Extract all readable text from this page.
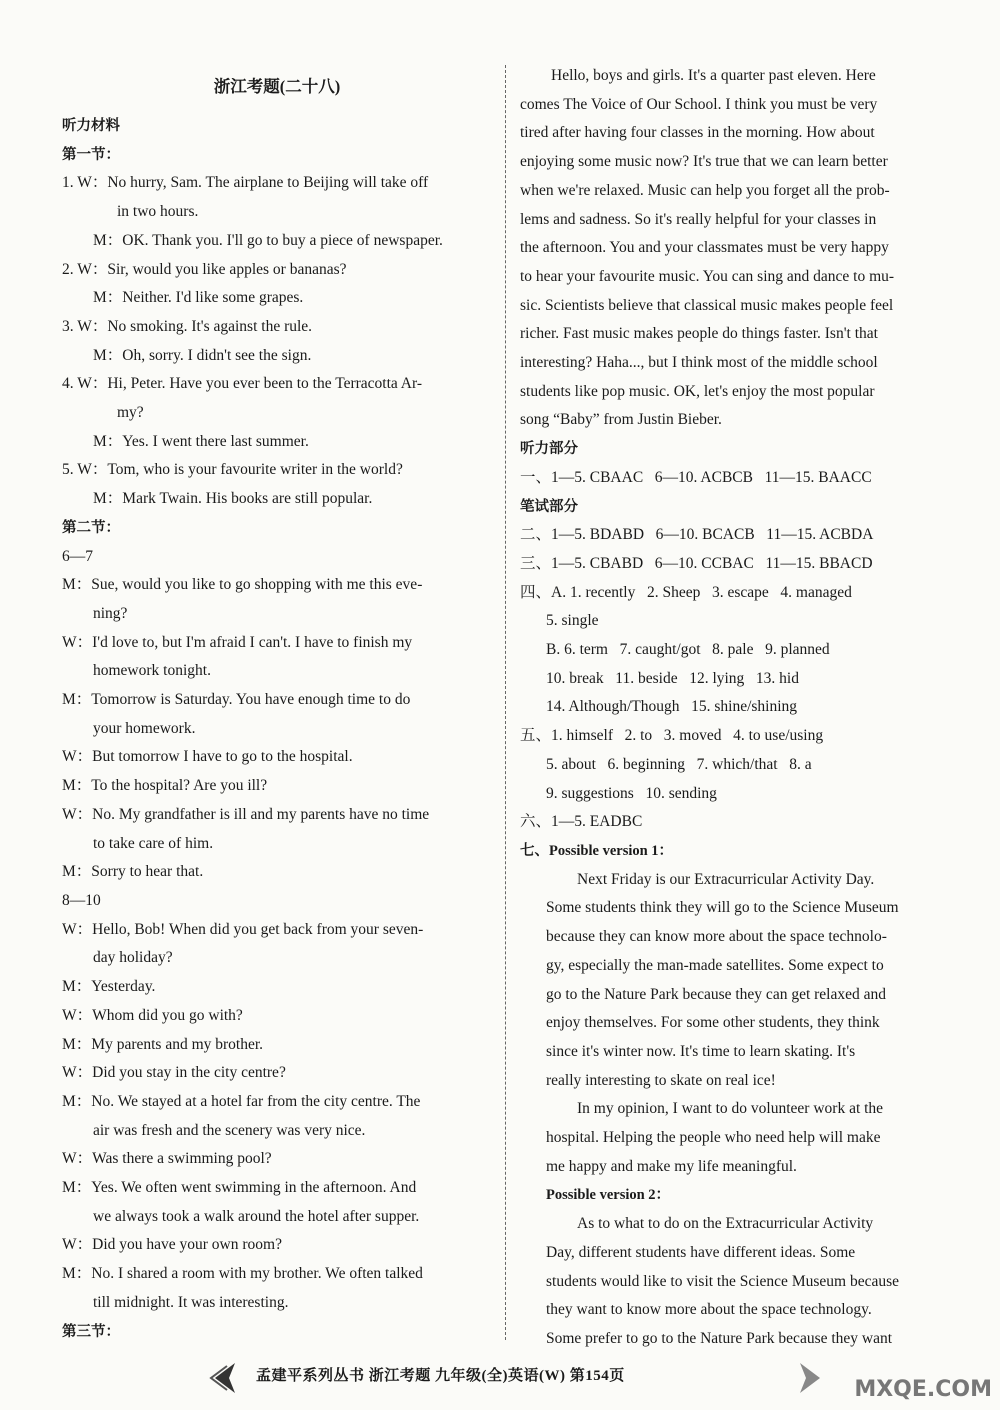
浙江考题(二十八)
听力材料
第一节：
1. W：No hurry, Sam. The airplane to Beijing will take off
in two hours.
M：OK. Thank you. I'll go to buy a piece of newspaper.
2. W：Sir, would you like apples or bananas?
M：Neither. I'd like some grapes.
3. W：No smoking. It's against the rule.
M：Oh, sorry. I didn't see the sign.
4. W：Hi, Peter. Have you ever been to the Terracotta Ar-
my?
M：Yes. I went there last summer.
5. W：Tom, who is your favourite writer in the world?
M：Mark Twain. His books are still popular.
第二节：
6—7
M：Sue, would you like to go shopping with me this eve-
ning?
W：I'd love to, but I'm afraid I can't. I have to finish my
homework tonight.
M：Tomorrow is Saturday. You have enough time to do
your homework.
W：But tomorrow I have to go to the hospital.
M：To the hospital? Are you ill?
W：No. My grandfather is ill and my parents have no time
to take care of him.
M：Sorry to hear that.
8—10
W：Hello, Bob! When did you get back from your seven-
day holiday?
M：Yesterday.
W：Whom did you go with?
M：My parents and my brother.
W：Did you stay in the city centre?
M：No. We stayed at a hotel far from the city centre. The
air was fresh and the scenery was very nice.
W：Was there a swimming pool?
M：Yes. We often went swimming in the afternoon. And
we always took a walk around the hotel after supper.
W：Did you have your own room?
M：No. I shared a room with my brother. We often talked
till midnight. It was interesting.
第三节：
Hello, boys and girls. It's a quarter past eleven. Here
comes The Voice of Our School. I think you must be very
tired after having four classes in the morning. How about
enjoying some music now? It's true that we can learn better
when we're relaxed. Music can help you forget all the prob-
lems and sadness. So it's really helpful for your classes in
the afternoon. You and your classmates must be very happy
to hear your favourite music. You can sing and dance to mu-
sic. Scientists believe that classical music makes people feel
richer. Fast music makes people do things faster. Isn't that
interesting? Haha..., but I think most of the middle school
students like pop music. OK, let's enjoy the most popular
song “Baby” from Justin Bieber.
听力部分
一、1—5. CBAAC   6—10. ACBCB   11—15. BAACC
笔试部分
二、1—5. BDABD   6—10. BCACB   11—15. ACBDA
三、1—5. CBABD   6—10. CCBAC   11—15. BBACD
四、A. 1. recently   2. Sheep   3. escape   4. managed
5. single
B. 6. term   7. caught/got   8. pale   9. planned
10. break   11. beside   12. lying   13. hid
14. Although/Though   15. shine/shining
五、1. himself   2. to   3. moved   4. to use/using
5. about   6. beginning   7. which/that   8. a
9. suggestions   10. sending
六、1—5. EADBC
七、Possible version 1：
Next Friday is our Extracurricular Activity Day.
Some students think they will go to the Science Museum
because they can know more about the space technolo-
gy, especially the man-made satellites. Some expect to
go to the Nature Park because they can get relaxed and
enjoy themselves. For some other students, they think
since it's winter now. It's time to learn skating. It's
really interesting to skate on real ice!
In my opinion, I want to do volunteer work at the
hospital. Helping the people who need help will make
me happy and make my life meaningful.
Possible version 2：
As to what to do on the Extracurricular Activity
Day, different students have different ideas. Some
students would like to visit the Science Museum because
they want to know more about the space technology.
Some prefer to go to the Nature Park because they want
孟建平系列丛书 浙江考题 九年级(全)英语(W) 第154页
MXQE.COM
